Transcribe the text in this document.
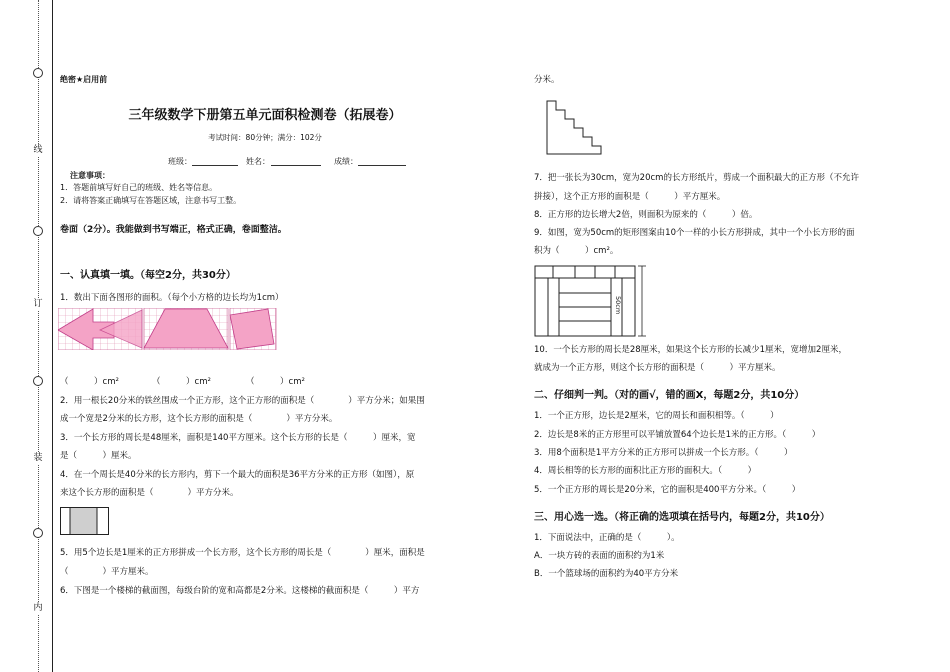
线
订
装
内
绝密★启用前
三年级数学下册第五单元面积检测卷（拓展卷）
考试时间：80分钟；满分：102分
班级：	姓名：	成绩：
注意事项：
1．答题前填写好自己的班级、姓名等信息。
2．请将答案正确填写在答题区域，注意书写工整。
卷面（2分）。我能做到书写端正，格式正确，卷面整洁。
一、认真填一填。（每空2分，共30分）
1．数出下面各图形的面积。（每个小方格的边长均为1cm）
（　　　	）cm²	（　　　	）cm²	（　　　	）cm²
2．用一根长20分米的铁丝围成一个正方形，这个正方形的面积是（　　　　）平方分米；如果围
成一个宽是2分米的长方形，这个长方形的面积是（　　　　）平方分米。
3．一个长方形的周长是48厘米，面积是140平方厘米。这个长方形的长是（　　　）厘米，宽
是（　　　）厘米。
4．在一个周长是40分米的长方形内，剪下一个最大的面积是36平方分米的正方形（如图），原
来这个长方形的面积是（　　　　）平方分米。
5．用5个边长是1厘米的正方形拼成一个长方形，这个长方形的周长是（　　　　）厘米，面积是
（　　　　）平方厘米。
6．下图是一个楼梯的截面图，每级台阶的宽和高都是2分米。这楼梯的截面积是（　　　）平方
分米。
7．把一张长为30cm，宽为20cm的长方形纸片，剪成一个面积最大的正方形（不允许
拼接），这个正方形的面积是（　　　）平方厘米。
8．正方形的边长增大2倍，则面积为原来的（　　　）倍。
9．如图，宽为50cm的矩形图案由10个一样的小长方形拼成，其中一个小长方形的面
积为（　　　）cm²。
50cm
10．一个长方形的周长是28厘米，如果这个长方形的长减少1厘米，宽增加2厘米，
就成为一个正方形，则这个长方形的面积是（　　　）平方厘米。
二、仔细判一判。（对的画√，错的画X，每题2分，共10分）
1．一个正方形，边长是2厘米，它的周长和面积相等。（　　　）
2．边长是8米的正方形里可以平铺放置64个边长是1米的正方形。（　　　）
3．用8个面积是1平方分米的正方形可以拼成一个长方形。（　　　）
4．周长相等的长方形的面积比正方形的面积大。（　　　）
5．一个正方形的周长是20分米，它的面积是400平方分米。（　　　）
三、用心选一选。（将正确的选项填在括号内，每题2分，共10分）
1．下面说法中，正确的是（　　　）。
A．一块方砖的表面的面积约为1米
B．一个篮球场的面积约为40平方分米
